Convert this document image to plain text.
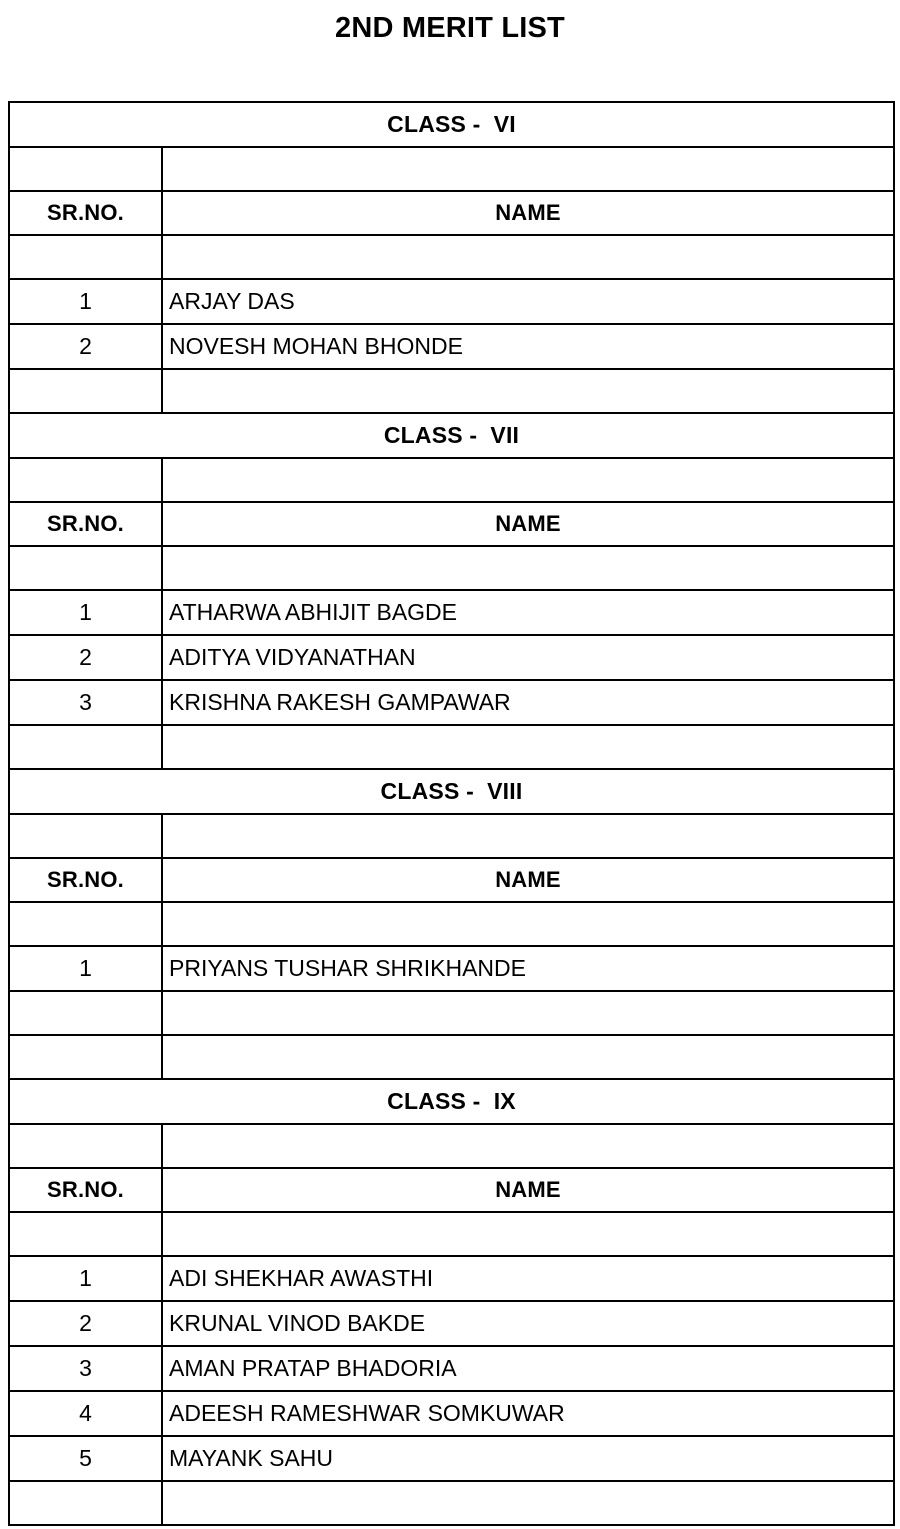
2ND MERIT LIST
CLASS -  VI	

SR.NO.	NAME

1	ARJAY DAS
2	NOVESH MOHAN BHONDE

CLASS -  VII	

SR.NO.	NAME

1	ATHARWA ABHIJIT BAGDE
2	ADITYA VIDYANATHAN
3	KRISHNA RAKESH GAMPAWAR

CLASS -  VIII	

SR.NO.	NAME

1	PRIYANS TUSHAR SHRIKHANDE

CLASS -  IX	

SR.NO.	NAME

1	ADI SHEKHAR AWASTHI
2	KRUNAL VINOD BAKDE
3	AMAN PRATAP BHADORIA
4	ADEESH RAMESHWAR SOMKUWAR
5	MAYANK SAHU
